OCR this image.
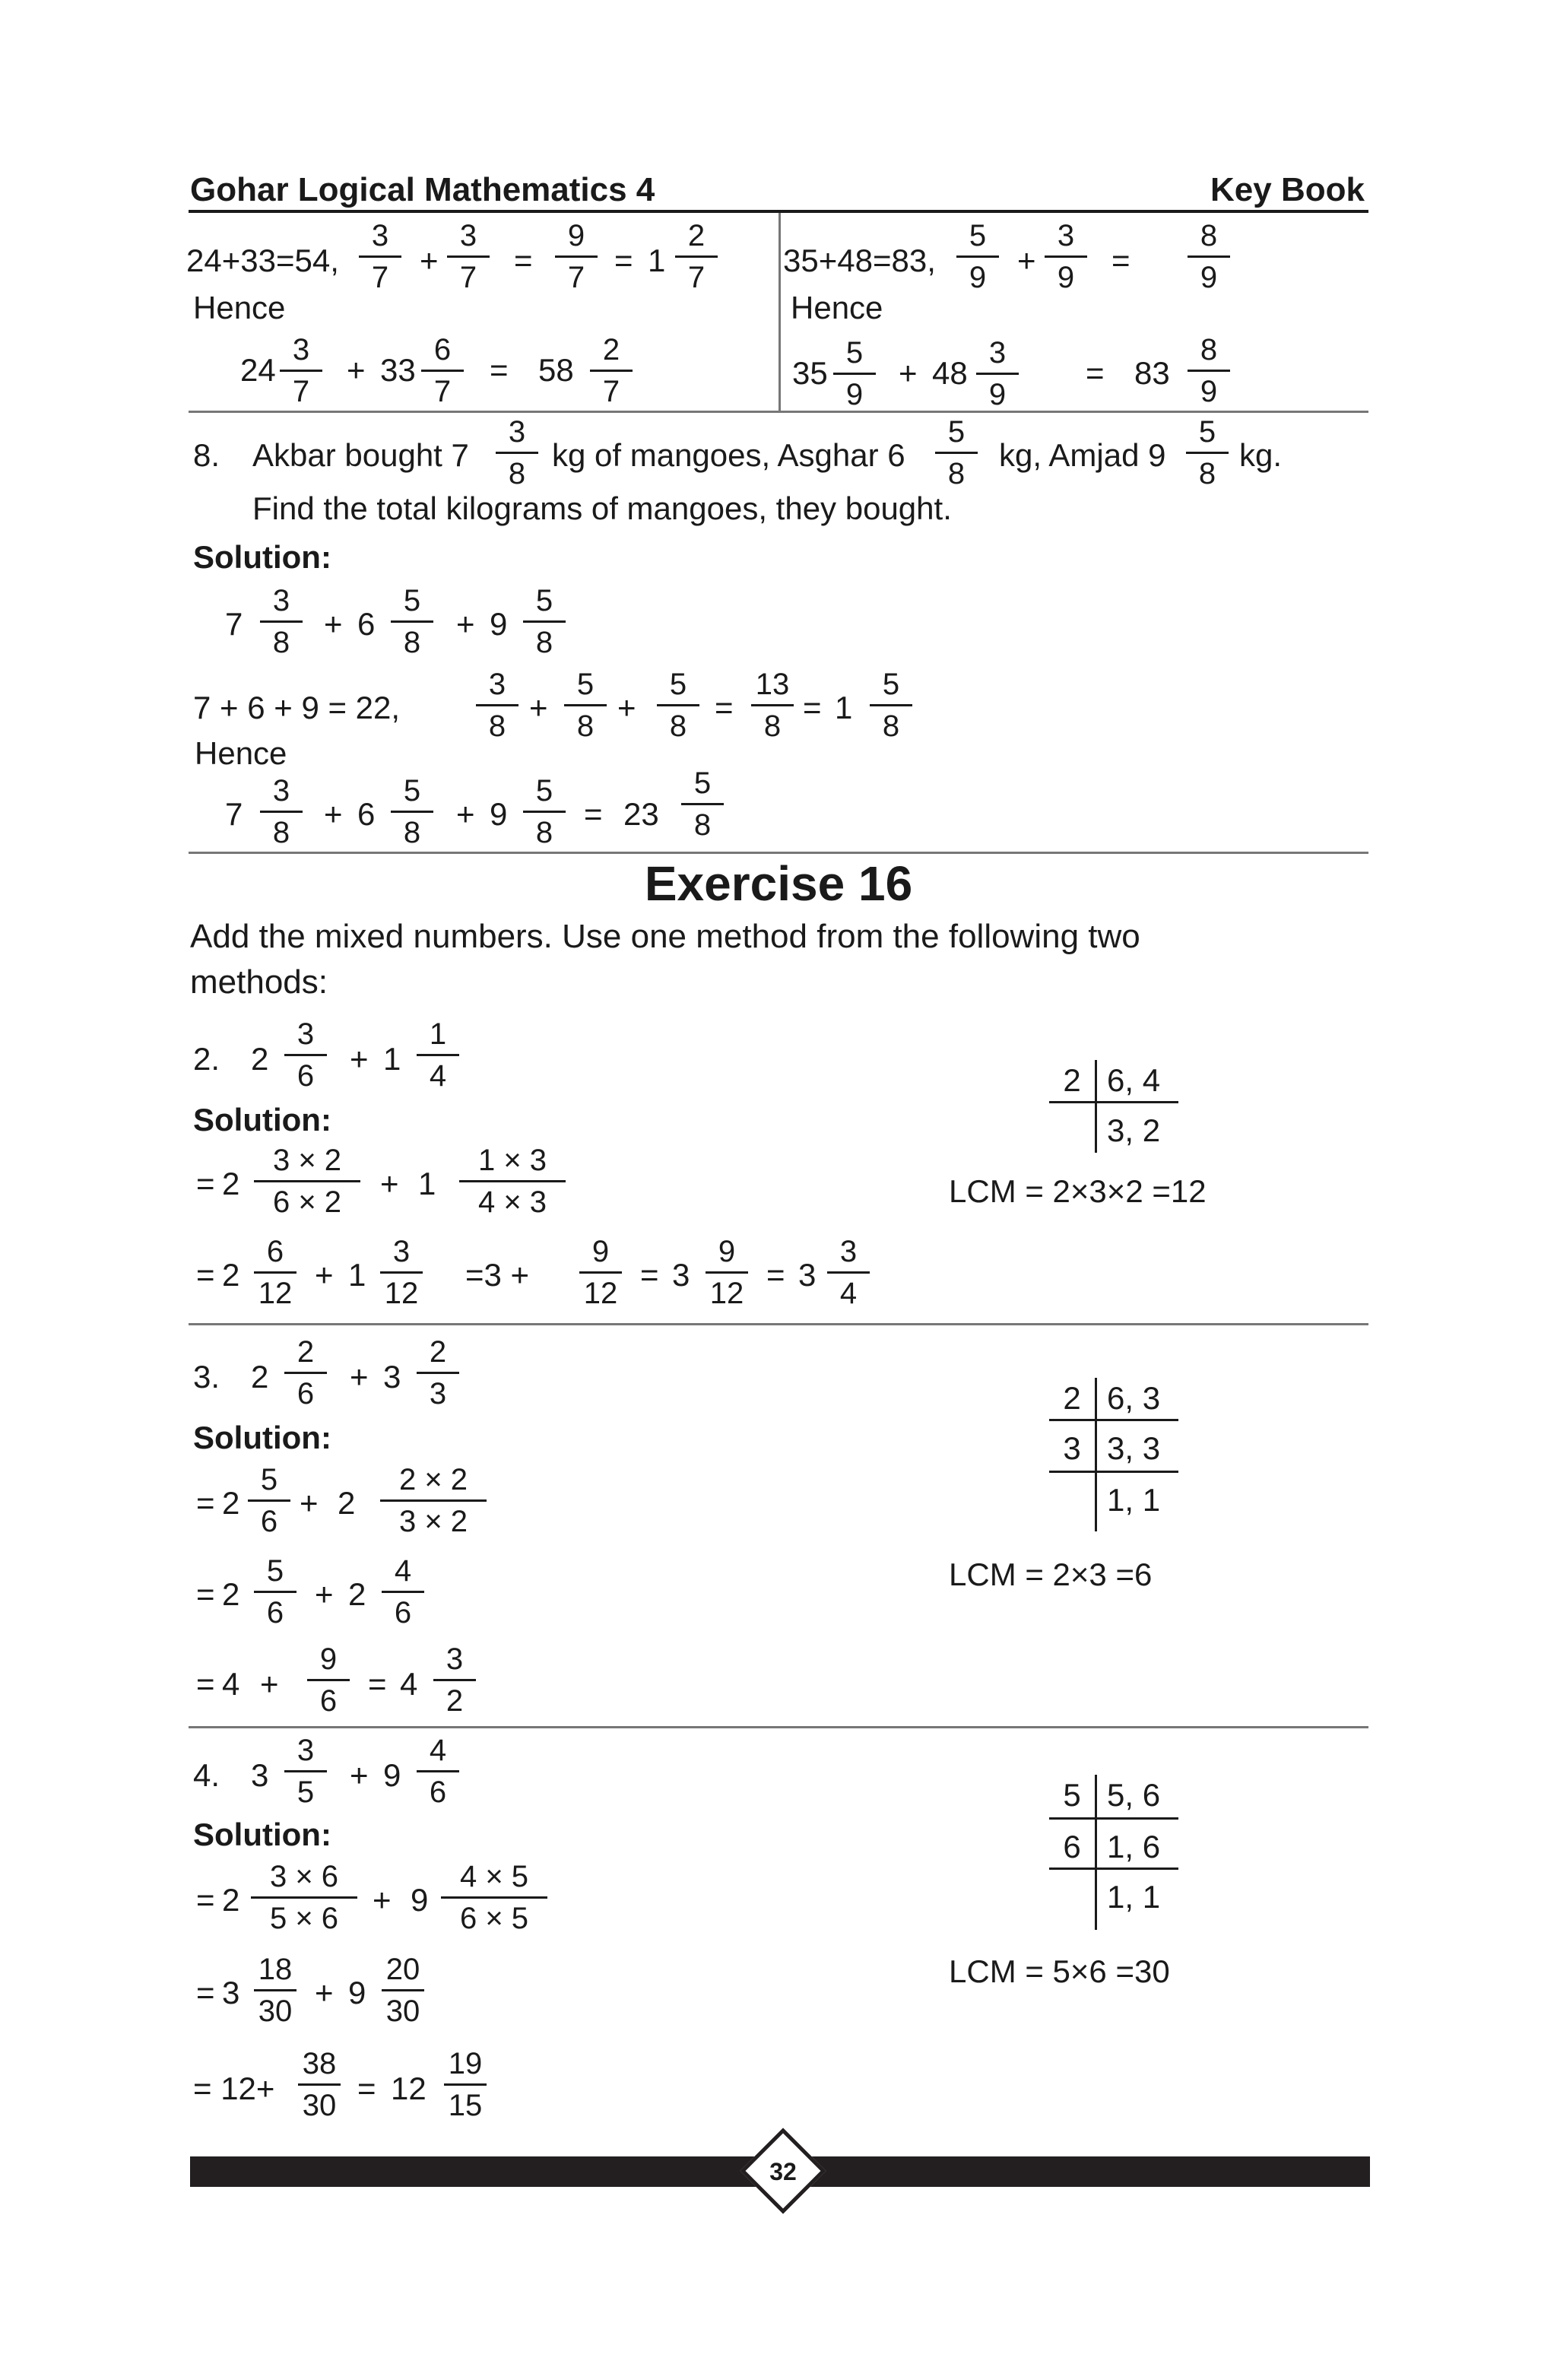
Gohar Logical Mathematics 4	Key Book
24+33=54,
3
7 +
3
7	=
9
7 = 1
2
7
Hence
24
3
7
+ 33
6
7
= 58
2
7
35+48=83,
5
9 +
3
9	=
8
9
Hence
35
5
9
+ 48
3
9
= 83
8
9
8. Akbar bought 7
3
8
kg of mangoes, Asghar 6
5
8
kg, Amjad 9
5
8
kg.
Find the total kilograms of mangoes, they bought.
Solution:
7
3
8
+ 6
5
8
+ 9
5
8
7 + 6 + 9 = 22,
3
8
+
5
8
+
5
8
=
13
8
= 1
5
8
Hence
7
3
8
+ 6
5
8
+ 9
5
8
= 23
5
8
Exercise 16
Add the mixed numbers. Use one method from the following two
methods:
2. 2
3
6	+ 1
1
4
Solution:
= 2
3 × 2
6 × 2
+ 1
1 × 3
4 × 3
= 2
6
12
+ 1
3
12
=3 +
9
12
= 3
9
12
= 3
3
4
2 6, 4
3, 2
LCM = 2×3×2 =12
3. 2
2
6	+ 3
2
3
Solution:
= 2
5
6
+ 2
2 × 2
3 × 2
= 2
5
6
+ 2
4
6
= 4 +
9
6 = 4
3
2
2 6, 3
3 3, 3
1, 1
LCM = 2×3 =6
4. 3
3
5	+ 9
4
6
Solution:
= 2
3 × 6
5 × 6
+ 9
4 × 5
6 × 5
= 3
18
30
+ 9
20
30
= 12+
38
30 = 12
19
15
5 5, 6
6 1, 6
1, 1
LCM = 5×6 =30
32
